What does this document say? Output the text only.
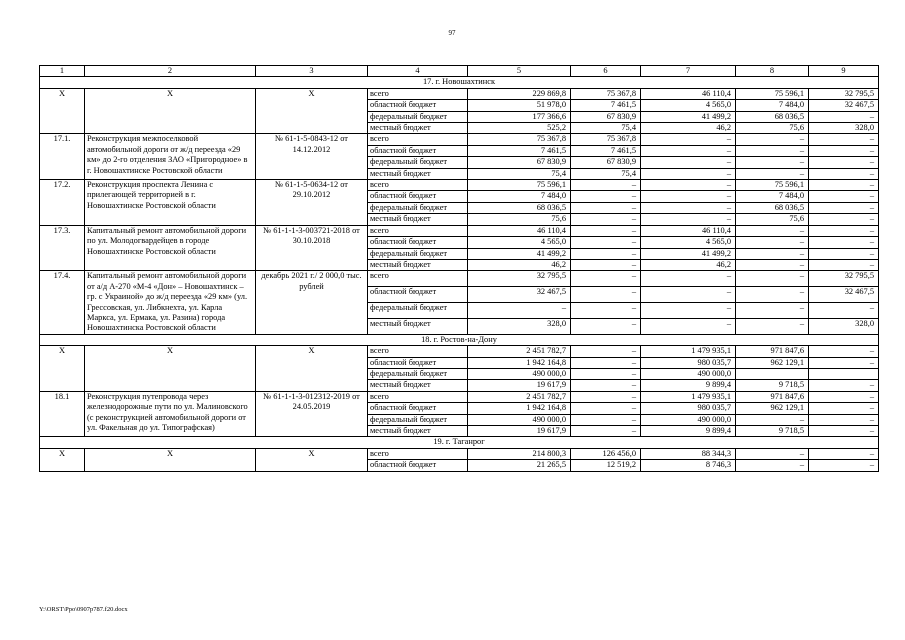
97
1	2	3	4	5	6	7	8	9
17. г. Новошахтинск								
X	X	X	всего	229 869,8	75 367,8	46 110,4	75 596,1	32 795,5
			областной бюджет	51 978,0	7 461,5	4 565,0	7 484,0	32 467,5
			федеральный бюджет	177 366,6	67 830,9	41 499,2	68 036,5	–
			местный бюджет	525,2	75,4	46,2	75,6	328,0
17.1.	Реконструкция межпоселковой автомобильной дороги от ж/д переезда «29 км» до 2-го отделения ЗАО «Пригородное» в г. Новошахтинске Ростовской области	№ 61-1-5-0843-12 от 14.12.2012	всего	75 367,8	75 367,8	–	–	–
			областной бюджет	7 461,5	7 461,5	–	–	–
			федеральный бюджет	67 830,9	67 830,9	–	–	–
			местный бюджет	75,4	75,4	–	–	–
17.2.	Реконструкция проспекта Ленина с прилегающей территорией в г. Новошахтинске Ростовской области	№ 61-1-5-0634-12 от 29.10.2012	всего	75 596,1	–	–	75 596,1	–
			областной бюджет	7 484,0	–	–	7 484,0	–
			федеральный бюджет	68 036,5	–	–	68 036,5	–
			местный бюджет	75,6	–	–	75,6	–
17.3.	Капитальный ремонт автомобильной дороги по ул. Молодогвардейцев в городе Новошахтинске Ростовской области	№ 61-1-1-3-003721-2018 от 30.10.2018	всего	46 110,4	–	46 110,4	–	–
			областной бюджет	4 565,0	–	4 565,0	–	–
			федеральный бюджет	41 499,2	–	41 499,2	–	–
			местный бюджет	46,2	–	46,2	–	–
17.4.	Капитальный ремонт автомобильной дороги от а/д А-270 «М-4 «Дон» – Новошахтинск – гр. с Украиной» до ж/д переезда «29 км» (ул. Грессовская, ул. Либкнехта, ул. Карла Маркса, ул. Ермака, ул. Разина) города Новошахтинска Ростовской области	декабрь 2021 г./ 2 000,0 тыс. рублей	всего	32 795,5	–	–	–	32 795,5
			областной бюджет	32 467,5	–	–	–	32 467,5
			федеральный бюджет	–	–	–	–	–
			местный бюджет	328,0	–	–	–	328,0
18. г. Ростов-на-Дону								
X	X	X	всего	2 451 782,7	–	1 479 935,1	971 847,6	–
			областной бюджет	1 942 164,8	–	980 035,7	962 129,1	–
			федеральный бюджет	490 000,0	–	490 000,0		
			местный бюджет	19 617,9	–	9 899,4	9 718,5	–
18.1	Реконструкция путепровода через железнодорожные пути по ул. Малиновского (с реконструкцией автомобильной дороги от ул. Факельная до ул. Типографская)	№ 61-1-1-3-012312-2019 от 24.05.2019	всего	2 451 782,7	–	1 479 935,1	971 847,6	–
			областной бюджет	1 942 164,8	–	980 035,7	962 129,1	–
			федеральный бюджет	490 000,0	–	490 000,0	–	–
			местный бюджет	19 617,9	–	9 899,4	9 718,5	–
19. г. Таганрог								
X	X	X	всего	214 800,3	126 456,0	88 344,3	–	–
			областной бюджет	21 265,5	12 519,2	8 746,3	–	–
Y:\ORST\Ppo\0907p787.f20.docx
